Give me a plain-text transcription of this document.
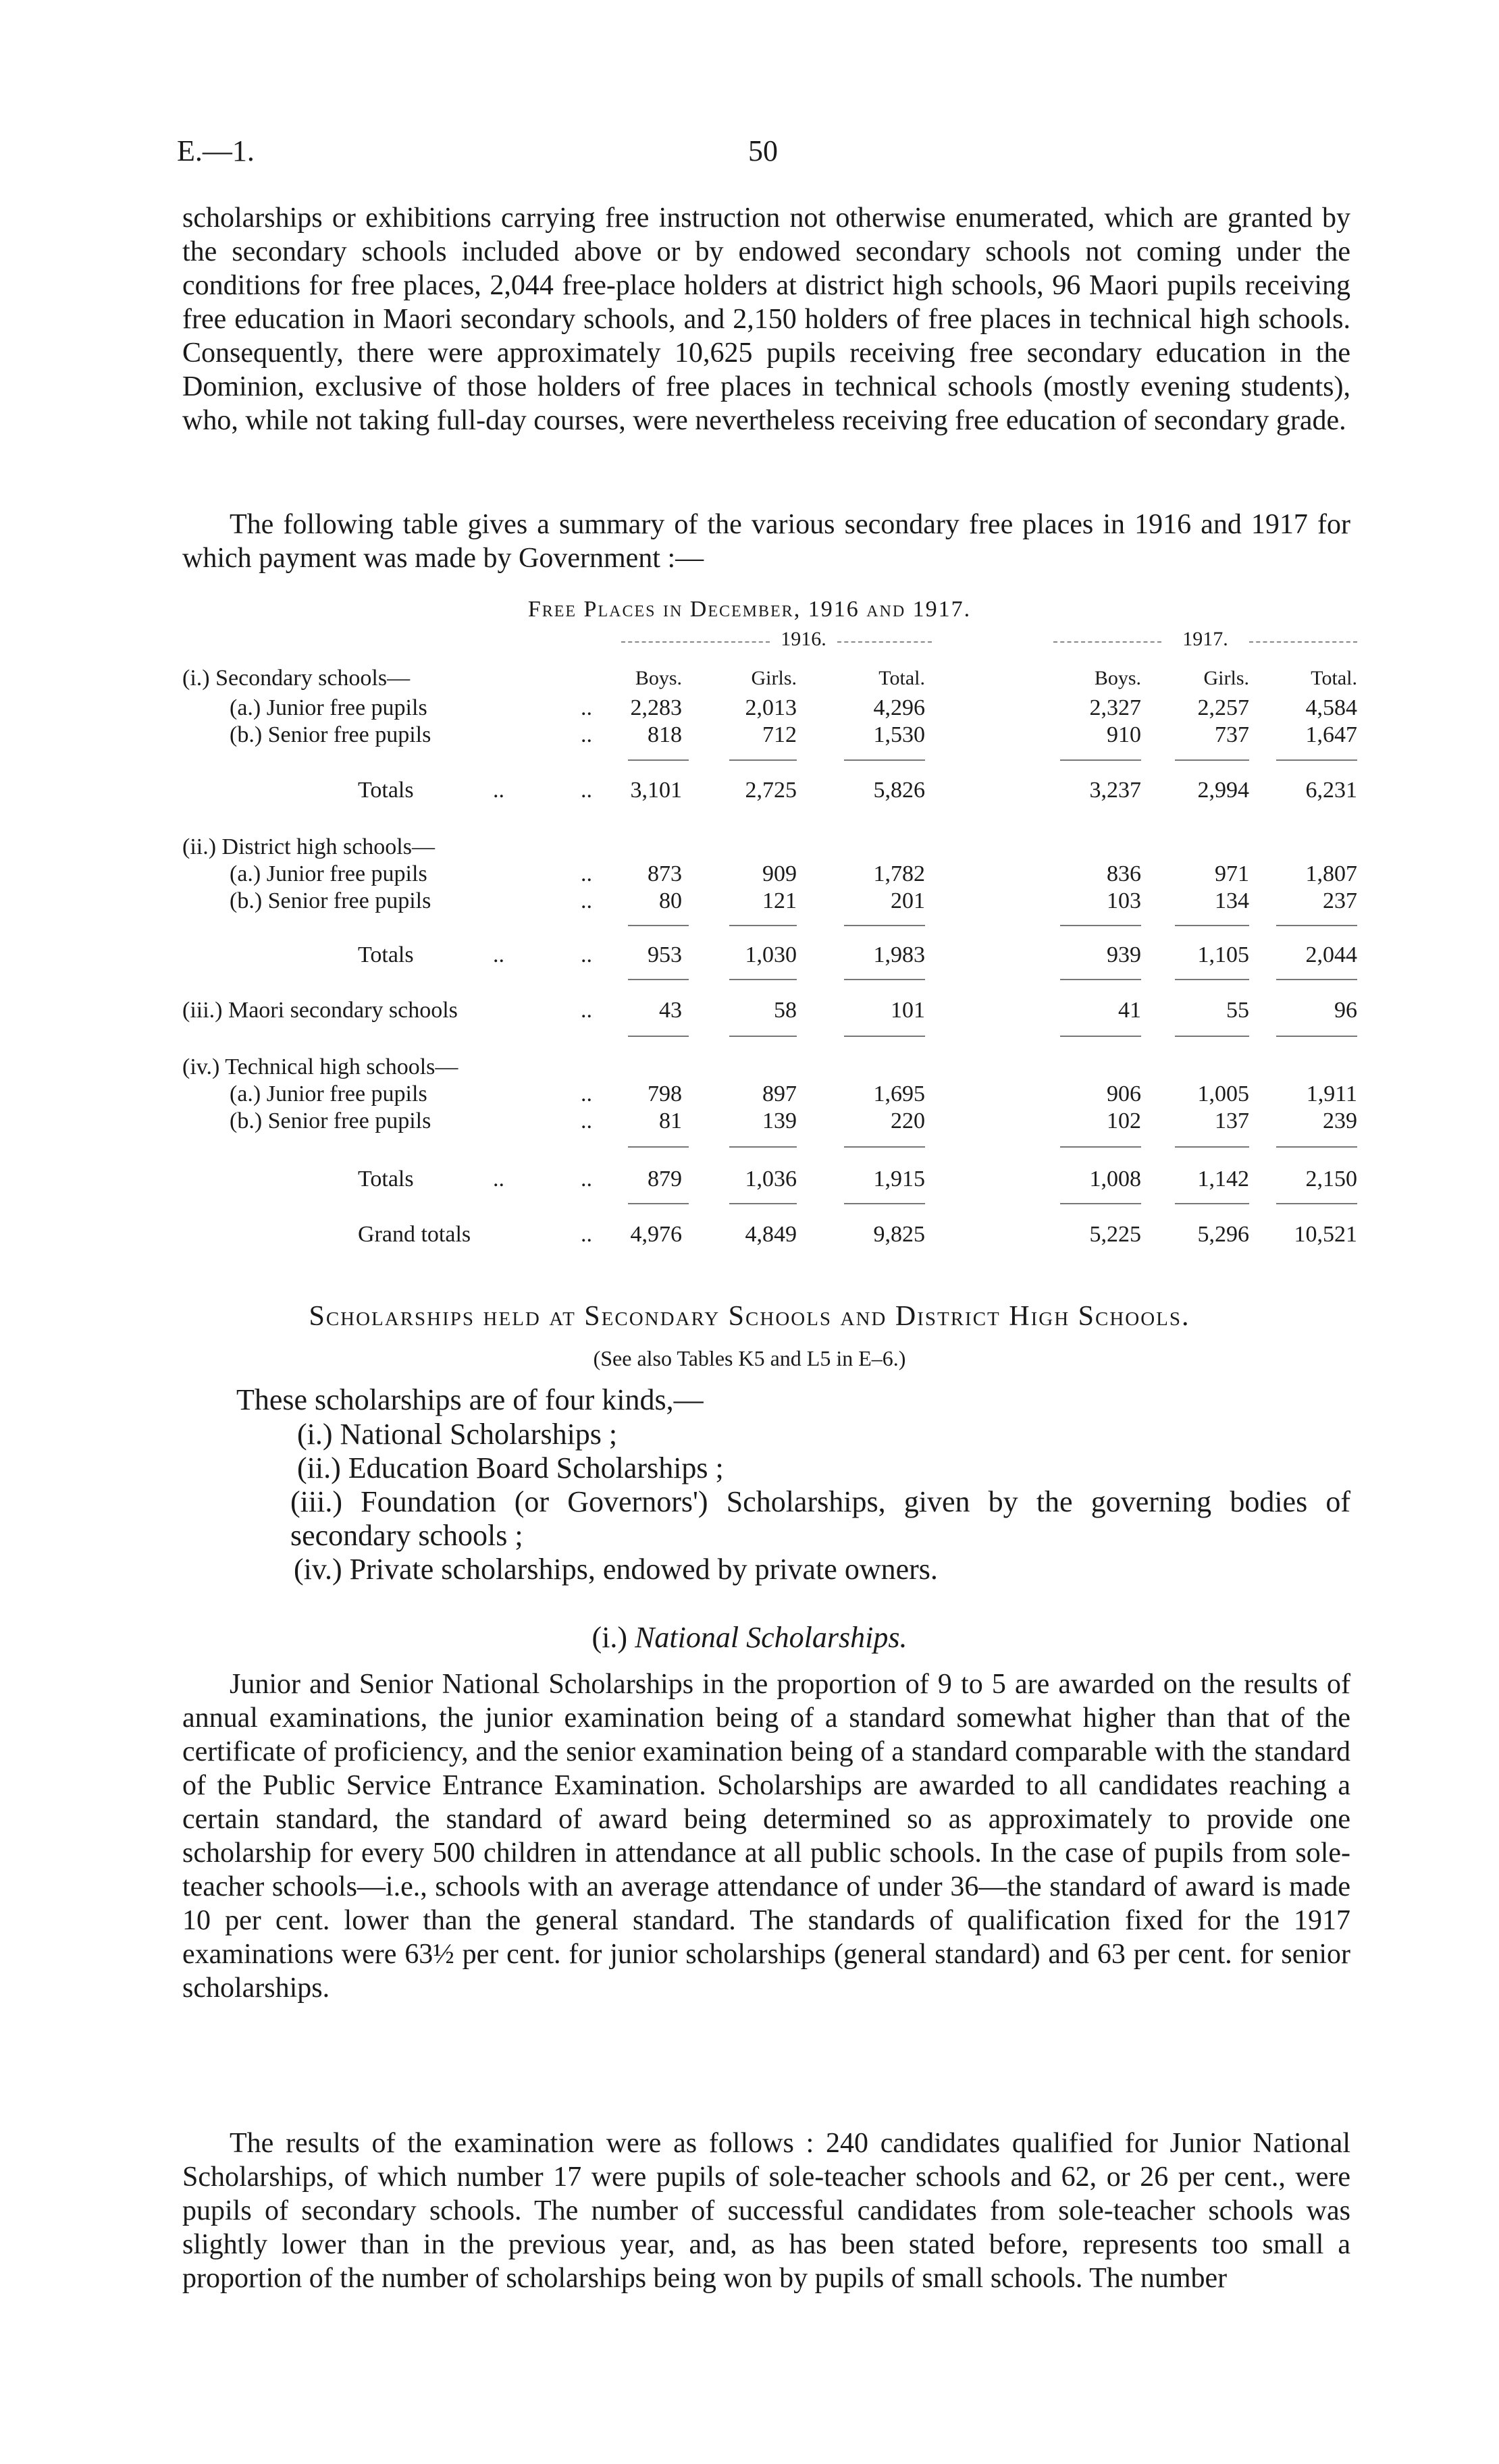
E.—1.	50

scholarships or exhibitions carrying free instruction not otherwise enumerated, which are granted by the secondary schools included above or by endowed secondary schools not coming under the conditions for free places, 2,044 free-place holders at district high schools, 96 Maori pupils receiving free education in Maori secondary schools, and 2,150 holders of free places in technical high schools. Consequently, there were approximately 10,625 pupils receiving free secondary education in the Dominion, exclusive of those holders of free places in technical schools (mostly evening students), who, while not taking full-day courses, were nevertheless receiving free education of secondary grade.

The following table gives a summary of the various secondary free places in 1916 and 1917 for which payment was made by Government :—

Free Places in December, 1916 and 1917.
1916.	1917.
(i.) Secondary schools—	Boys.	Girls.	Total.	Boys.	Girls.	Total.
(a.) Junior free pupils	..	2,283	2,013	4,296	2,327	2,257	4,584
(b.) Senior free pupils	..	818	712	1,530	910	737	1,647
Totals	..	..	3,101	2,725	5,826	3,237	2,994	6,231
(ii.) District high schools—
(a.) Junior free pupils	..	873	909	1,782	836	971	1,807
(b.) Senior free pupils	..	80	121	201	103	134	237
Totals	..	..	953	1,030	1,983	939	1,105	2,044
(iii.) Maori secondary schools	..	43	58	101	41	55	96
(iv.) Technical high schools—
(a.) Junior free pupils	..	798	897	1,695	906	1,005	1,911
(b.) Senior free pupils	..	81	139	220	102	137	239
Totals	..	..	879	1,036	1,915	1,008	1,142	2,150
Grand totals	..	4,976	4,849	9,825	5,225	5,296	10,521
Scholarships held at Secondary Schools and District High Schools.
(See also Tables K5 and L5 in E–6.)
These scholarships are of four kinds,—
(i.) National Scholarships ;
(ii.) Education Board Scholarships ;
(iii.) Foundation (or Governors') Scholarships, given by the governing bodies of secondary schools ;
(iv.) Private scholarships, endowed by private owners.
(i.) National Scholarships.

Junior and Senior National Scholarships in the proportion of 9 to 5 are awarded on the results of annual examinations, the junior examination being of a standard somewhat higher than that of the certificate of proficiency, and the senior examination being of a standard comparable with the standard of the Public Service Entrance Examination. Scholarships are awarded to all candidates reaching a certain standard, the standard of award being determined so as approximately to provide one scholarship for every 500 children in attendance at all public schools. In the case of pupils from sole-teacher schools—i.e., schools with an average attendance of under 36—the standard of award is made 10 per cent. lower than the general standard. The standards of qualification fixed for the 1917 examinations were 63½ per cent. for junior scholarships (general standard) and 63 per cent. for senior scholarships.

The results of the examination were as follows : 240 candidates qualified for Junior National Scholarships, of which number 17 were pupils of sole-teacher schools and 62, or 26 per cent., were pupils of secondary schools. The number of successful candidates from sole-teacher schools was slightly lower than in the previous year, and, as has been stated before, represents too small a proportion of the number of scholarships being won by pupils of small schools. The number
